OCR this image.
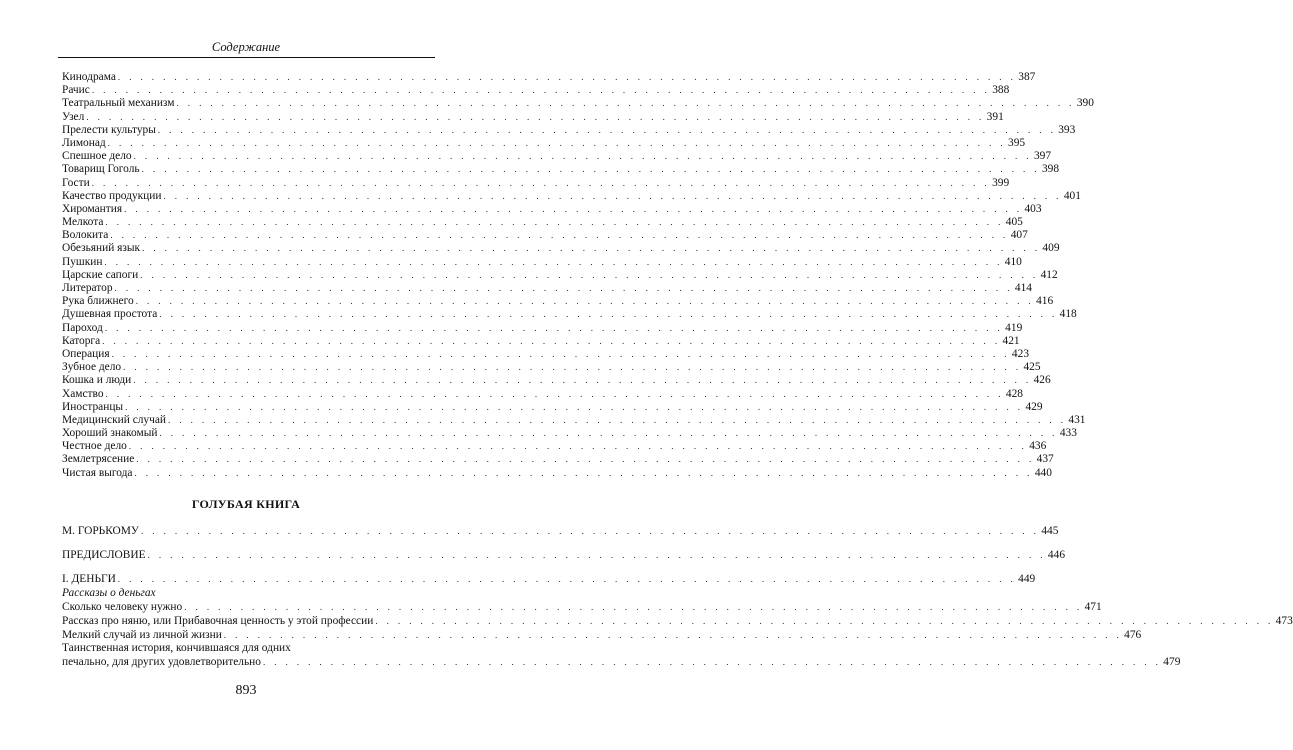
Содержание
Кинодрама . . . . . . . . . . . . . . . . . . . . . . . . . . . . . . . . . . . . . . . . . . . . . . . . . . . . . . . . . . . . . . . . . . . . . . . . . . . . . . . . 387
Рачис . . . . . . . . . . . . . . . . . . . . . . . . . . . . . . . . . . . . . . . . . . . . . . . . . . . . . . . . . . . . . . . . . . . . . . . . . . . . . . . . 388
Театральный механизм . . . . . . . . . . . . . . . . . . . . . . . . . . . . . . . . . . . . . . . . . . . . . . . . . . . . . . . . . . . . . . . . . . . . . . . . . . . . . . . . 390
Узел . . . . . . . . . . . . . . . . . . . . . . . . . . . . . . . . . . . . . . . . . . . . . . . . . . . . . . . . . . . . . . . . . . . . . . . . . . . . . . . . 391
Прелести культуры . . . . . . . . . . . . . . . . . . . . . . . . . . . . . . . . . . . . . . . . . . . . . . . . . . . . . . . . . . . . . . . . . . . . . . . . . . . . . . . . 393
Лимонад . . . . . . . . . . . . . . . . . . . . . . . . . . . . . . . . . . . . . . . . . . . . . . . . . . . . . . . . . . . . . . . . . . . . . . . . . . . . . . . . 395
Спешное дело . . . . . . . . . . . . . . . . . . . . . . . . . . . . . . . . . . . . . . . . . . . . . . . . . . . . . . . . . . . . . . . . . . . . . . . . . . . . . . . . 397
Товарищ Гоголь . . . . . . . . . . . . . . . . . . . . . . . . . . . . . . . . . . . . . . . . . . . . . . . . . . . . . . . . . . . . . . . . . . . . . . . . . . . . . . . . 398
Гости . . . . . . . . . . . . . . . . . . . . . . . . . . . . . . . . . . . . . . . . . . . . . . . . . . . . . . . . . . . . . . . . . . . . . . . . . . . . . . . . 399
Качество продукции . . . . . . . . . . . . . . . . . . . . . . . . . . . . . . . . . . . . . . . . . . . . . . . . . . . . . . . . . . . . . . . . . . . . . . . . . . . . . . . . 401
Хиромантия . . . . . . . . . . . . . . . . . . . . . . . . . . . . . . . . . . . . . . . . . . . . . . . . . . . . . . . . . . . . . . . . . . . . . . . . . . . . . . . . 403
Мелкота . . . . . . . . . . . . . . . . . . . . . . . . . . . . . . . . . . . . . . . . . . . . . . . . . . . . . . . . . . . . . . . . . . . . . . . . . . . . . . . . 405
Волокита . . . . . . . . . . . . . . . . . . . . . . . . . . . . . . . . . . . . . . . . . . . . . . . . . . . . . . . . . . . . . . . . . . . . . . . . . . . . . . . . 407
Обезьяний язык . . . . . . . . . . . . . . . . . . . . . . . . . . . . . . . . . . . . . . . . . . . . . . . . . . . . . . . . . . . . . . . . . . . . . . . . . . . . . . . . 409
Пушкин . . . . . . . . . . . . . . . . . . . . . . . . . . . . . . . . . . . . . . . . . . . . . . . . . . . . . . . . . . . . . . . . . . . . . . . . . . . . . . . . 410
Царские сапоги . . . . . . . . . . . . . . . . . . . . . . . . . . . . . . . . . . . . . . . . . . . . . . . . . . . . . . . . . . . . . . . . . . . . . . . . . . . . . . . . 412
Литератор . . . . . . . . . . . . . . . . . . . . . . . . . . . . . . . . . . . . . . . . . . . . . . . . . . . . . . . . . . . . . . . . . . . . . . . . . . . . . . . . 414
Рука ближнего . . . . . . . . . . . . . . . . . . . . . . . . . . . . . . . . . . . . . . . . . . . . . . . . . . . . . . . . . . . . . . . . . . . . . . . . . . . . . . . . 416
Душевная простота . . . . . . . . . . . . . . . . . . . . . . . . . . . . . . . . . . . . . . . . . . . . . . . . . . . . . . . . . . . . . . . . . . . . . . . . . . . . . . . . 418
Пароход . . . . . . . . . . . . . . . . . . . . . . . . . . . . . . . . . . . . . . . . . . . . . . . . . . . . . . . . . . . . . . . . . . . . . . . . . . . . . . . . 419
Каторга . . . . . . . . . . . . . . . . . . . . . . . . . . . . . . . . . . . . . . . . . . . . . . . . . . . . . . . . . . . . . . . . . . . . . . . . . . . . . . . . 421
Операция . . . . . . . . . . . . . . . . . . . . . . . . . . . . . . . . . . . . . . . . . . . . . . . . . . . . . . . . . . . . . . . . . . . . . . . . . . . . . . . . 423
Зубное дело . . . . . . . . . . . . . . . . . . . . . . . . . . . . . . . . . . . . . . . . . . . . . . . . . . . . . . . . . . . . . . . . . . . . . . . . . . . . . . . . 425
Кошка и люди . . . . . . . . . . . . . . . . . . . . . . . . . . . . . . . . . . . . . . . . . . . . . . . . . . . . . . . . . . . . . . . . . . . . . . . . . . . . . . . . 426
Хамство . . . . . . . . . . . . . . . . . . . . . . . . . . . . . . . . . . . . . . . . . . . . . . . . . . . . . . . . . . . . . . . . . . . . . . . . . . . . . . . . 428
Иностранцы . . . . . . . . . . . . . . . . . . . . . . . . . . . . . . . . . . . . . . . . . . . . . . . . . . . . . . . . . . . . . . . . . . . . . . . . . . . . . . . . 429
Медицинский случай . . . . . . . . . . . . . . . . . . . . . . . . . . . . . . . . . . . . . . . . . . . . . . . . . . . . . . . . . . . . . . . . . . . . . . . . . . . . . . . . 431
Хороший знакомый . . . . . . . . . . . . . . . . . . . . . . . . . . . . . . . . . . . . . . . . . . . . . . . . . . . . . . . . . . . . . . . . . . . . . . . . . . . . . . . . 433
Честное дело . . . . . . . . . . . . . . . . . . . . . . . . . . . . . . . . . . . . . . . . . . . . . . . . . . . . . . . . . . . . . . . . . . . . . . . . . . . . . . . . 436
Землетрясение . . . . . . . . . . . . . . . . . . . . . . . . . . . . . . . . . . . . . . . . . . . . . . . . . . . . . . . . . . . . . . . . . . . . . . . . . . . . . . . . 437
Чистая выгода . . . . . . . . . . . . . . . . . . . . . . . . . . . . . . . . . . . . . . . . . . . . . . . . . . . . . . . . . . . . . . . . . . . . . . . . . . . . . . . . 440
ГОЛУБАЯ КНИГА
М. ГОРЬКОМУ . . . . . . . . . . . . . . . . . . . . . . . . . . . . . . . . . . . . . . . . . . . . . . . . . . . . . . . . . . . . . . . . . . . . . . . . . . . . . . . . 445
ПРЕДИСЛОВИЕ . . . . . . . . . . . . . . . . . . . . . . . . . . . . . . . . . . . . . . . . . . . . . . . . . . . . . . . . . . . . . . . . . . . . . . . . . . . . . . . . 446
I. ДЕНЬГИ . . . . . . . . . . . . . . . . . . . . . . . . . . . . . . . . . . . . . . . . . . . . . . . . . . . . . . . . . . . . . . . . . . . . . . . . . . . . . . . . 449
Рассказы о деньгах
Сколько человеку нужно . . . . . . . . . . . . . . . . . . . . . . . . . . . . . . . . . . . . . . . . . . . . . . . . . . . . . . . . . . . . . . . . . . . . . . . . . . . . . . . . 471
Рассказ про няню, или Прибавочная ценность у этой профессии . . . . . . . . . . . . . . . . . . . . . . . . . . . . . . . . . . . . . . . . . . . . . . . . . . . . . . . . . . . . . . . . . . . . . . . . . . . . . . . . 473
Мелкий случай из личной жизни . . . . . . . . . . . . . . . . . . . . . . . . . . . . . . . . . . . . . . . . . . . . . . . . . . . . . . . . . . . . . . . . . . . . . . . . . . . . . . . . 476
Таинственная история, кончившаяся для одних
печально, для других удовлетворительно . . . . . . . . . . . . . . . . . . . . . . . . . . . . . . . . . . . . . . . . . . . . . . . . . . . . . . . . . . . . . . . . . . . . . . . . . . . . . . . . 479
893
